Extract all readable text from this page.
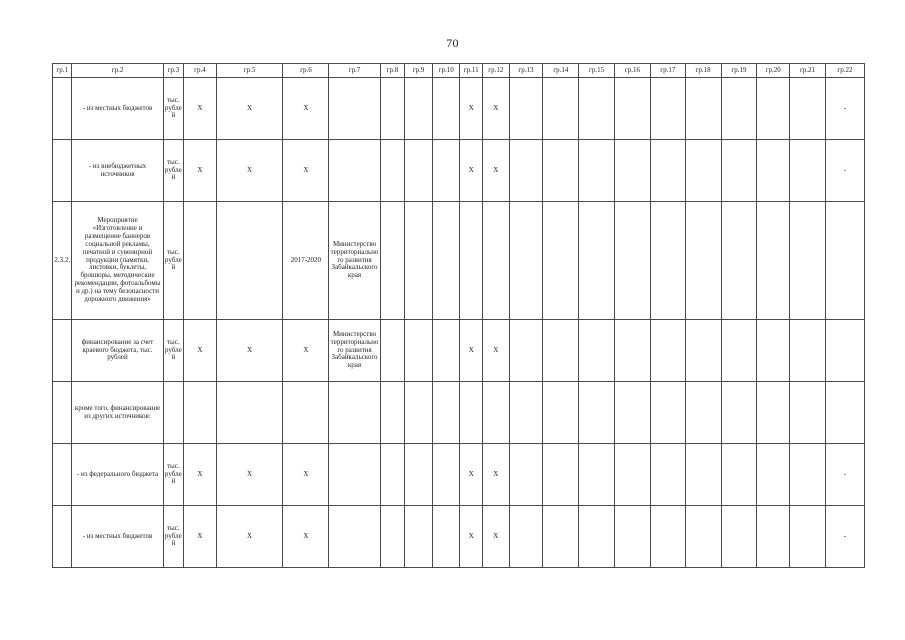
70
гр.1	гр.2	гр.3	гр.4	гр.5	гр.6	гр.7	гр.8	гр.9	гр.10	гр.11	гр.12	гр.13	гр.14	гр.15	гр.16	гр.17	гр.18	гр.19	гр.20	гр.21	гр.22
	- из местных бюджетов	тыс. рублей	X	X	X					X	X										-
	- из внебюджетных источников	тыс. рублей	X	X	X					X	X										-
2.3.2.	Мероприятие «Изготовление и размещение баннеров социальной рекламы, печатной и сувенирной продукции (памятки, листовки, буклеты, брошюры, методические рекомендации, фотоальбомы и др.) на тему безопасности дорожного движения»	тыс. рублей			2017-2020	Министерство территориального развития Забайкальского края															
	финансирование за счет краевого бюджета, тыс. рублей	тыс. рублей	X	X	X	Министерство территориального развития Забайкальского края				X	X										
	кроме того, финансирование из других источников:																				
	- из федерального бюджета	тыс. рублей	X	X	X					X	X										-
	- из местных бюджетов	тыс. рублей	X	X	X					X	X										-
